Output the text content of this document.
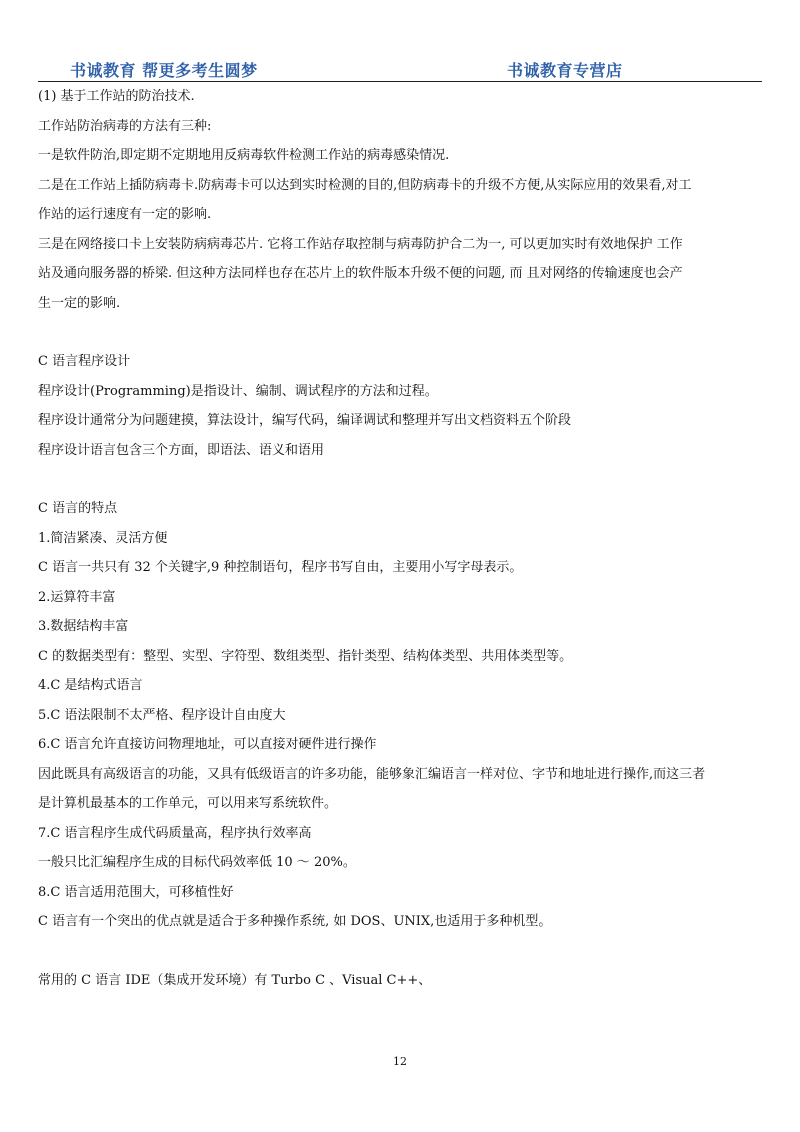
书诚教育 帮更多考生圆梦	书诚教育专营店
(1) 基于工作站的防治技术.
工作站防治病毒的方法有三种:
一是软件防治,即定期不定期地用反病毒软件检测工作站的病毒感染情况.
二是在工作站上插防病毒卡.防病毒卡可以达到实时检测的目的,但防病毒卡的升级不方便,从实际应用的效果看,对工
作站的运行速度有一定的影响.
三是在网络接口卡上安装防病病毒芯片. 它将工作站存取控制与病毒防护合二为一, 可以更加实时有效地保护 工作
站及通向服务器的桥梁. 但这种方法同样也存在芯片上的软件版本升级不便的问题, 而 且对网络的传输速度也会产
生一定的影响.
C 语言程序设计
程序设计(Programming)是指设计、编制、调试程序的方法和过程。
程序设计通常分为问题建摸，算法设计，编写代码，编译调试和整理并写出文档资料五个阶段
程序设计语言包含三个方面，即语法、语义和语用
C 语言的特点
1.简洁紧凑、灵活方便
C 语言一共只有 32 个关键字,9 种控制语句，程序书写自由，主要用小写字母表示。
2.运算符丰富
3.数据结构丰富
C 的数据类型有：整型、实型、字符型、数组类型、指针类型、结构体类型、共用体类型等。
4.C 是结构式语言
5.C 语法限制不太严格、程序设计自由度大
6.C 语言允许直接访问物理地址，可以直接对硬件进行操作
因此既具有高级语言的功能，又具有低级语言的许多功能，能够象汇编语言一样对位、字节和地址进行操作,而这三者
是计算机最基本的工作单元，可以用来写系统软件。
7.C 语言程序生成代码质量高，程序执行效率高
一般只比汇编程序生成的目标代码效率低 10 ～ 20%。
8.C 语言适用范围大，可移植性好
C 语言有一个突出的优点就是适合于多种操作系统, 如 DOS、UNIX,也适用于多种机型。
常用的 C 语言 IDE（集成开发环境）有 Turbo C 、Visual C++、
12
